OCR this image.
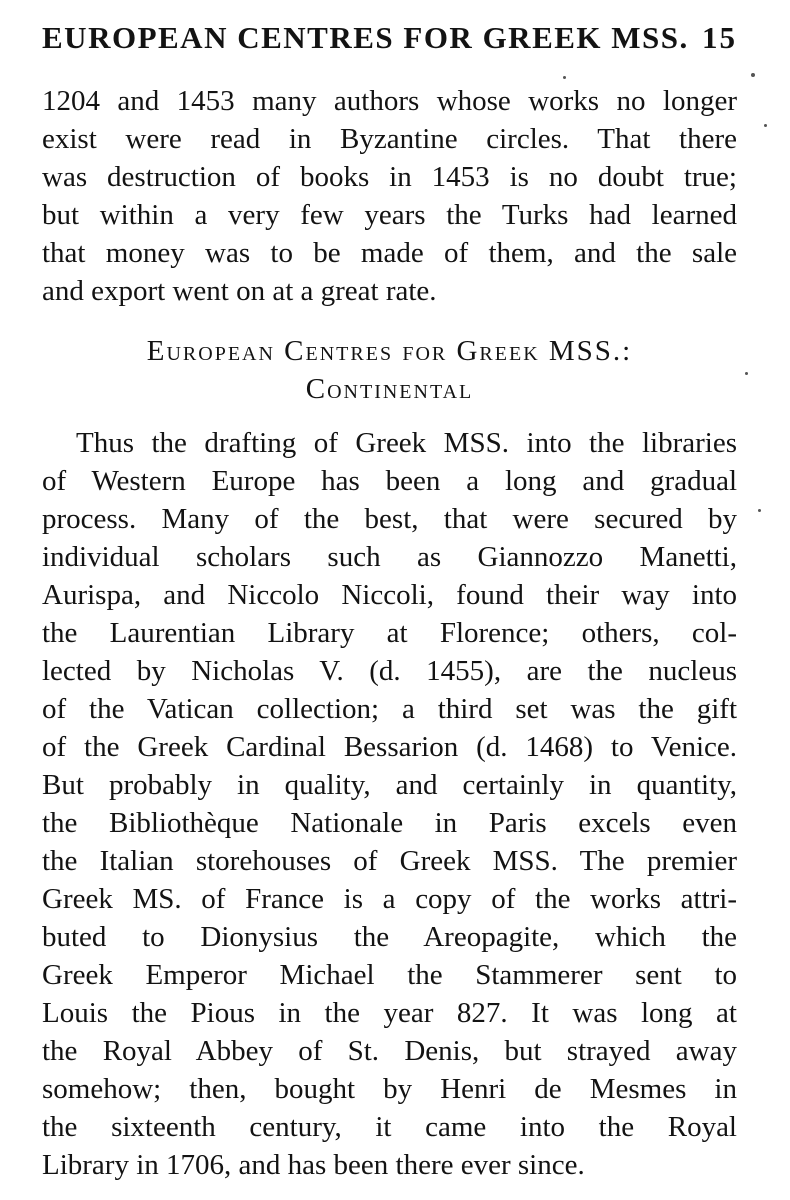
EUROPEAN CENTRES FOR GREEK MSS. 15
1204 and 1453 many authors whose works no longer
exist were read in Byzantine circles. That there
was destruction of books in 1453 is no doubt true;
but within a very few years the Turks had learned
that money was to be made of them, and the sale
and export went on at a great rate.
European Centres for Greek MSS.:
Continental
Thus the drafting of Greek MSS. into the libraries
of Western Europe has been a long and gradual
process. Many of the best, that were secured by
individual scholars such as Giannozzo Manetti,
Aurispa, and Niccolo Niccoli, found their way into
the Laurentian Library at Florence; others, col-
lected by Nicholas V. (d. 1455), are the nucleus
of the Vatican collection; a third set was the gift
of the Greek Cardinal Bessarion (d. 1468) to Venice.
But probably in quality, and certainly in quantity,
the Bibliothèque Nationale in Paris excels even
the Italian storehouses of Greek MSS. The premier
Greek MS. of France is a copy of the works attri-
buted to Dionysius the Areopagite, which the
Greek Emperor Michael the Stammerer sent to
Louis the Pious in the year 827. It was long at
the Royal Abbey of St. Denis, but strayed away
somehow; then, bought by Henri de Mesmes in
the sixteenth century, it came into the Royal
Library in 1706, and has been there ever since.
